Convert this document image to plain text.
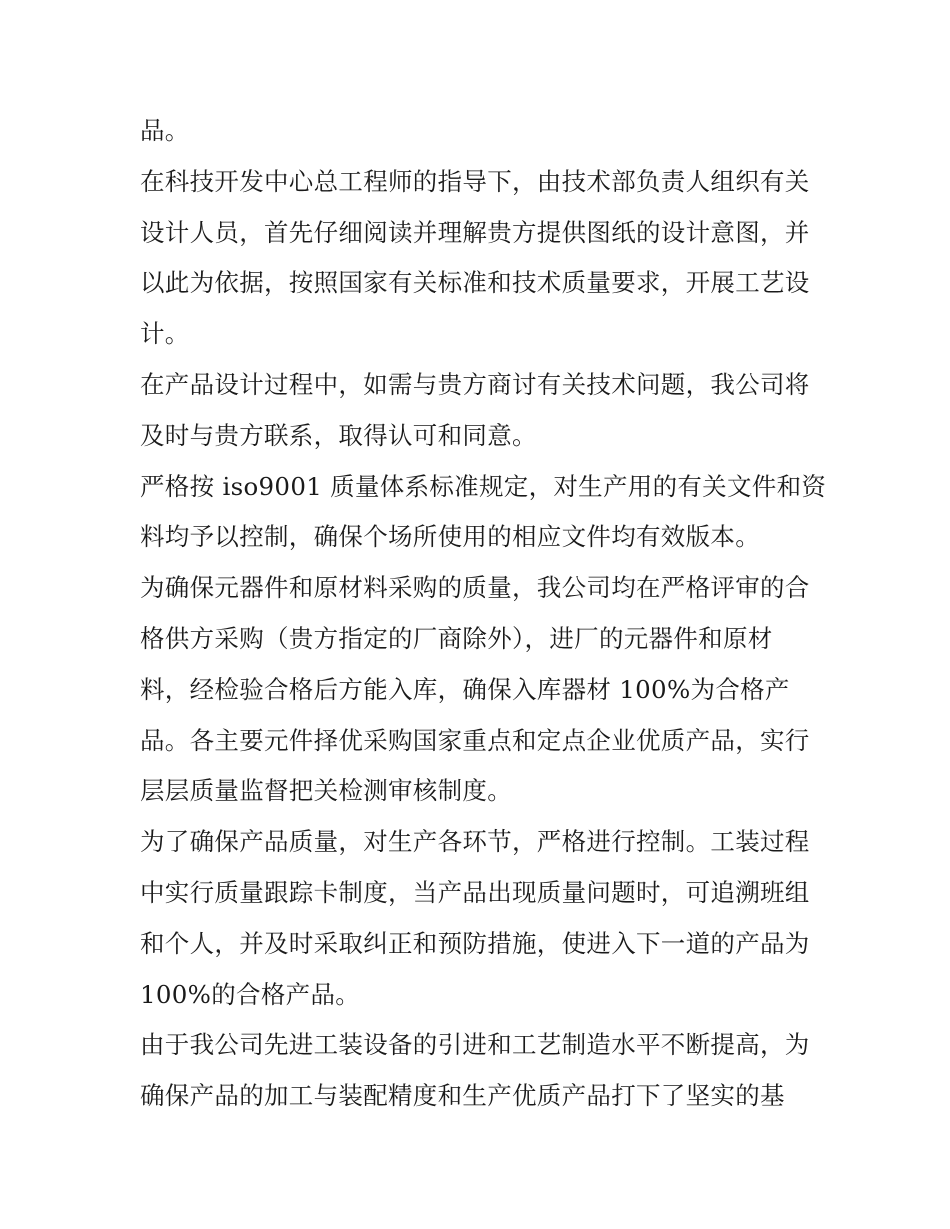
品。
在科技开发中心总工程师的指导下，由技术部负责人组织有关
设计人员，首先仔细阅读并理解贵方提供图纸的设计意图，并
以此为依据，按照国家有关标准和技术质量要求，开展工艺设
计。
在产品设计过程中，如需与贵方商讨有关技术问题，我公司将
及时与贵方联系，取得认可和同意。
严格按 iso9001 质量体系标准规定，对生产用的有关文件和资
料均予以控制，确保个场所使用的相应文件均有效版本。
为确保元器件和原材料采购的质量，我公司均在严格评审的合
格供方采购（贵方指定的厂商除外），进厂的元器件和原材
料，经检验合格后方能入库，确保入库器材 100%为合格产
品。各主要元件择优采购国家重点和定点企业优质产品，实行
层层质量监督把关检测审核制度。
为了确保产品质量，对生产各环节，严格进行控制。工装过程
中实行质量跟踪卡制度，当产品出现质量问题时，可追溯班组
和个人，并及时采取纠正和预防措施，使进入下一道的产品为
100%的合格产品。
由于我公司先进工装设备的引进和工艺制造水平不断提高，为
确保产品的加工与装配精度和生产优质产品打下了坚实的基
